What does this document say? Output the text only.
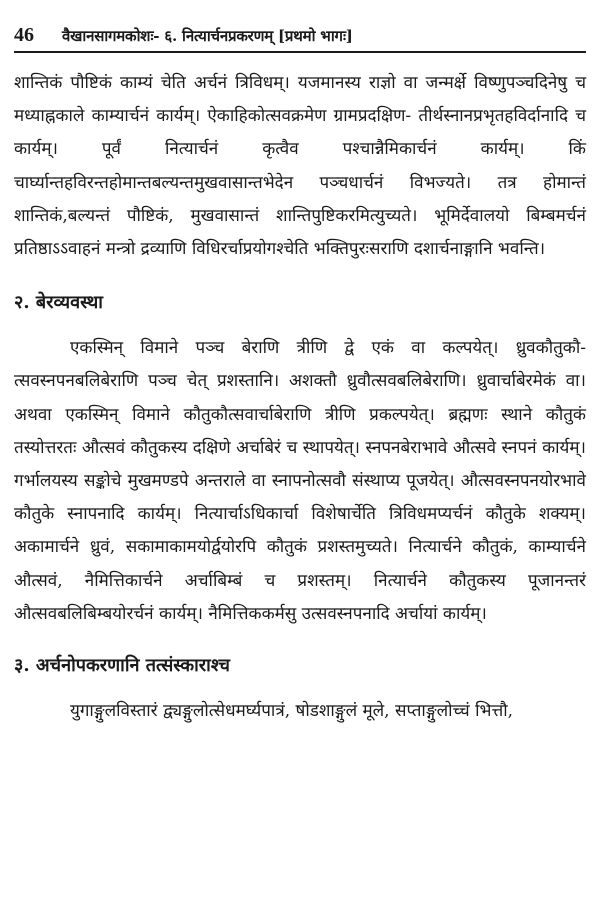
46 वैखानसागमकोशः- ६. नित्यार्चनप्रकरणम् [प्रथमो भागः]

शान्तिकं पौष्टिकं काम्यं चेति अर्चनं त्रिविधम्। यजमानस्य राज्ञो वा जन्मर्क्षे विष्णुपञ्चदिनेषु च मध्याह्नकाले काम्यार्चनं कार्यम्। ऐकाहिकोत्सवक्रमेण ग्रामप्रदक्षिण- तीर्थस्नानप्रभृतहविर्दानादि च कार्यम्। पूर्वं नित्यार्चनं कृत्वैव पश्चान्नैमिकार्चनं कार्यम्। किं चार्घ्यान्तहविरन्तहोमान्तबल्यन्तमुखवासान्तभेदेन पञ्चधार्चनं विभज्यते। तत्र होमान्तं शान्तिकं,बल्यन्तं पौष्टिकं, मुखवासान्तं शान्तिपुष्टिकरमित्युच्यते। भूमिर्देवालयो बिम्बमर्चनं प्रतिष्ठाऽऽवाहनं मन्त्रो द्रव्याणि विधिरर्चाप्रयोगश्चेति भक्तिपुरःसराणि दशार्चनाङ्गानि भवन्ति।

२. बेरव्यवस्था

एकस्मिन् विमाने पञ्च बेराणि त्रीणि द्वे एकं वा कल्पयेत्। ध्रुवकौतुकौ- त्सवस्नपनबलिबेराणि पञ्च चेत् प्रशस्तानि। अशक्तौ ध्रुवौत्सवबलिबेराणि। ध्रुवार्चाबेरमेकं वा। अथवा एकस्मिन् विमाने कौतुकौत्सवार्चाबेराणि त्रीणि प्रकल्पयेत्। ब्रह्मणः स्थाने कौतुकं तस्योत्तरतः औत्सवं कौतुकस्य दक्षिणे अर्चाबेरं च स्थापयेत्। स्नपनबेराभावे औत्सवे स्नपनं कार्यम्। गर्भालयस्य सङ्कोचे मुखमण्डपे अन्तराले वा स्नापनोत्सवौ संस्थाप्य पूजयेत्। औत्सवस्नपनयोरभावे कौतुके स्नापनादि कार्यम्। नित्यार्चाऽधिकार्चा विशेषार्चेति त्रिविधमप्यर्चनं कौतुके शक्यम्। अकामार्चने ध्रुवं, सकामाकामयोर्द्वयोरपि कौतुकं प्रशस्तमुच्यते। नित्यार्चने कौतुकं, काम्यार्चने औत्सवं, नैमित्तिकार्चने अर्चाबिम्बं च प्रशस्तम्। नित्यार्चने कौतुकस्य पूजानन्तरं औत्सवबलिबिम्बयोरर्चनं कार्यम्। नैमित्तिककर्मसु उत्सवस्नपनादि अर्चायां कार्यम्।

३. अर्चनोपकरणानि तत्संस्काराश्च

युगाङ्गुलविस्तारं द्व्यङ्गुलोत्सेधमर्घ्यपात्रं, षोडशाङ्गुलं मूले, सप्ताङ्गुलोच्चं भित्तौ,
